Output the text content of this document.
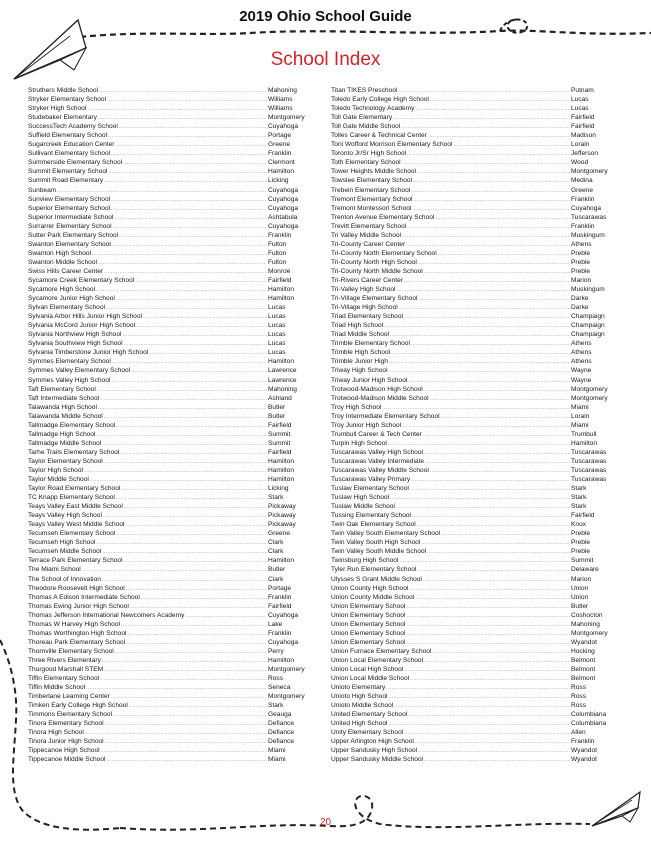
2019 Ohio School Guide
School Index
Struthers Middle School .....	Mahoning
Stryker Elementary School .....	Williams
Stryker High School .....	Williams
Studebaker Elementary .....	Montgomery
SuccessTech Academy School .....	Cuyahoga
Suffield Elementary School .....	Portage
Sugarcreek Education Center .....	Greene
Sullivant Elementary School .....	Franklin
Summerside Elementary School .....	Clermont
Summit Elementary School .....	Hamilton
Summit Road Elementary .....	Licking
Sunbeam .....	Cuyahoga
Sunview Elementary School .....	Cuyahoga
Superior Elementary School .....	Cuyahoga
Superior Intermediate School .....	Ashtabula
Surrarrer Elementary School .....	Cuyahoga
Sutter Park Elementary School .....	Franklin
Swanton Elementary School .....	Fulton
Swanton High School .....	Fulton
Swanton Middle School .....	Fulton
Swiss Hills Career Center .....	Monroe
Sycamore Creek Elementary School .....	Fairfield
Sycamore High School .....	Hamilton
Sycamore Junior High School .....	Hamilton
Sylvan Elementary School .....	Lucas
Sylvania Arbor Hills Junior High School .....	Lucas
Sylvania McCord Junior High School .....	Lucas
Sylvania Northview High School .....	Lucas
Sylvania Southview High School .....	Lucas
Sylvania Timberstone Junior High School .....	Lucas
Symmes Elementary School .....	Hamilton
Symmes Valley Elementary School .....	Lawrence
Symmes Valley High School .....	Lawrence
Taft Elementary School .....	Mahoning
Taft Intermediate School .....	Ashland
Talawanda High School .....	Butler
Talawanda Middle School .....	Butler
Tallmadge Elementary School .....	Fairfield
Tallmadge High School .....	Summit
Tallmadge Middle School .....	Summit
Tarhe Trails Elementary School .....	Fairfield
Taylor Elementary School .....	Hamilton
Taylor High School .....	Hamilton
Taylor Middle School .....	Hamilton
Taylor Road Elementary School .....	Licking
TC Knapp Elementary School .....	Stark
Teays Valley East Middle School .....	Pickaway
Teays Valley High School .....	Pickaway
Teays Valley West Middle School .....	Pickaway
Tecumseh Elementary School .....	Greene
Tecumseh High School .....	Clark
Tecumseh Middle School .....	Clark
Terrace Park Elementary School .....	Hamilton
The Miami School .....	Butler
The School of Innovation .....	Clark
Theodore Roosevelt High School .....	Portage
Thomas A Edison Intermediate School .....	Franklin
Thomas Ewing Junior High School .....	Fairfield
Thomas Jefferson International Newcomers Academy .....	Cuyahoga
Thomas W Harvey High School .....	Lake
Thomas Worthington High School .....	Franklin
Thoreau Park Elementary School .....	Cuyahoga
Thornville Elementary School .....	Perry
Three Rivers Elementary .....	Hamilton
Thurgood Marshall STEM .....	Montgomery
Tiffin Elementary School .....	Ross
Tiffin Middle School .....	Seneca
Timberlane Learning Center .....	Montgomery
Timken Early College High School .....	Stark
Timmons Elementary School .....	Geauga
Tinora Elementary School .....	Defiance
Tinora High School .....	Defiance
Tinora Junior High School .....	Defiance
Tippecanoe High School .....	Miami
Tippecanoe Middle School .....	Miami
Titan TIKES Preschool .....	Putnam
Toledo Early College High School .....	Lucas
Toledo Technology Academy .....	Lucas
Toll Gate Elementary .....	Fairfield
Toll Gate Middle School .....	Fairfield
Tolles Career & Technical Center .....	Madison
Toni Wofford Morrison Elementary School .....	Lorain
Toronto Jr/Sr High School .....	Jefferson
Toth Elementary School .....	Wood
Tower Heights Middle School .....	Montgomery
Towslee Elementary School .....	Medina
Trebein Elementary School .....	Greene
Tremont Elementary School .....	Franklin
Tremont Montessori School .....	Cuyahoga
Trenton Avenue Elementary School .....	Tuscarawas
Trevitt Elementary School .....	Franklin
Tri Valley Middle School .....	Muskingum
Tri-County Career Center .....	Athens
Tri-County North Elementary School .....	Preble
Tri-County North High School .....	Preble
Tri-County North Middle School .....	Preble
Tri-Rivers Career Center .....	Marion
Tri-Valley High School .....	Muskingum
Tri-Village Elementary School .....	Darke
Tri-Village High School .....	Darke
Triad Elementary School .....	Champaign
Triad High School .....	Champaign
Triad Middle School .....	Champaign
Trimble Elementary School .....	Athens
Trimble High School .....	Athens
Trimble Junior High .....	Athens
Triway High School .....	Wayne
Triway Junior High School .....	Wayne
Trotwood-Madison High School .....	Montgomery
Trotwood-Madison Middle School .....	Montgomery
Troy High School .....	Miami
Troy Intermediate Elementary School .....	Lorain
Troy Junior High School .....	Miami
Trumbull Career & Tech Center .....	Trumbull
Turpin High School .....	Hamilton
Tuscarawas Valley High School .....	Tuscarawas
Tuscarawas Valley Intermediate .....	Tuscarawas
Tuscarawas Valley Middle School .....	Tuscarawas
Tuscarawas Valley Primary .....	Tuscarawas
Tuslaw Elementary School .....	Stark
Tuslaw High School .....	Stark
Tuslaw Middle School .....	Stark
Tussing Elementary School .....	Fairfield
Twin Oak Elementary School .....	Knox
Twin Valley South Elementary School .....	Preble
Twin Valley South High School .....	Preble
Twin Valley South Middle School .....	Preble
Twinsburg High School .....	Summit
Tyler Run Elementary School .....	Delaware
Ulysses S Grant Middle School .....	Marion
Union County High School .....	Union
Union County Middle School .....	Union
Union Elementary School .....	Butler
Union Elementary School .....	Coshocton
Union Elementary School .....	Mahoning
Union Elementary School .....	Montgomery
Union Elementary School .....	Wyandot
Union Furnace Elementary School .....	Hocking
Union Local Elementary School .....	Belmont
Union Local High School .....	Belmont
Union Local Middle School .....	Belmont
Unioto Elementary .....	Ross
Unioto High School .....	Ross
Unioto Middle School .....	Ross
United Elementary School .....	Columbiana
United High School .....	Columbiana
Unity Elementary School .....	Allen
Upper Arlington High School .....	Franklin
Upper Sandusky High School .....	Wyandot
Upper Sandusky Middle School .....	Wyandot
20
